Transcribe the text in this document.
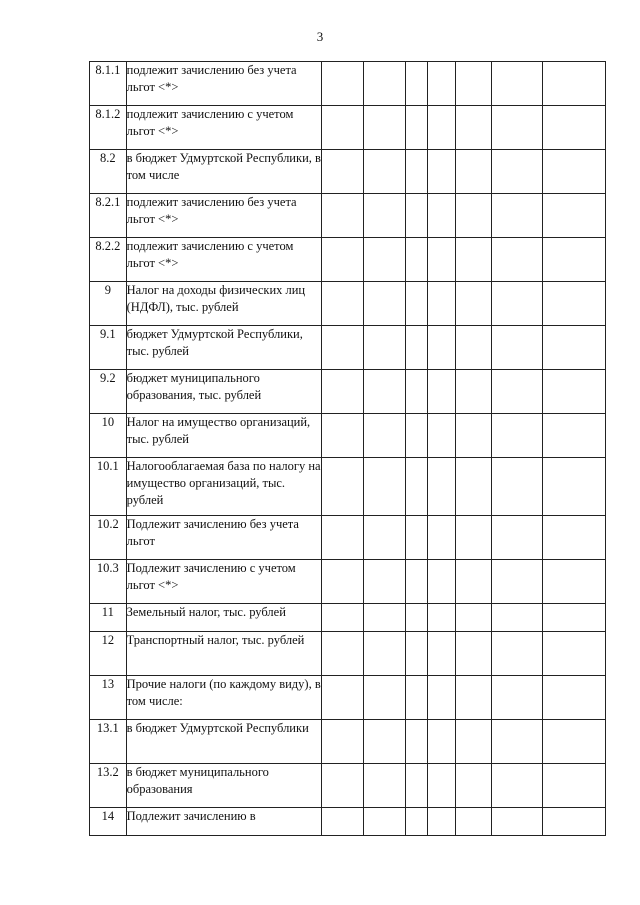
3
8.1.1	подлежит зачислению без учета льгот <*>							
8.1.2	подлежит зачислению с учетом льгот <*>							
8.2	в бюджет Удмуртской Республики, в том числе							
8.2.1	подлежит зачислению без учета льгот <*>							
8.2.2	подлежит зачислению с учетом льгот <*>							
9	Налог на доходы физических лиц (НДФЛ), тыс. рублей							
9.1	бюджет Удмуртской Республики, тыс. рублей							
9.2	бюджет муниципального образования, тыс. рублей							
10	Налог на имущество организаций, тыс. рублей							
10.1	Налогооблагаемая база по налогу на имущество организаций, тыс. рублей							
10.2	Подлежит зачислению без учета льгот							
10.3	Подлежит зачислению с учетом льгот <*>							
11	Земельный налог, тыс. рублей							
12	Транспортный налог, тыс. рублей							
13	Прочие налоги (по каждому виду), в том числе:							
13.1	в бюджет Удмуртской Республики							
13.2	в бюджет муниципального образования							
14	Подлежит зачислению в							
